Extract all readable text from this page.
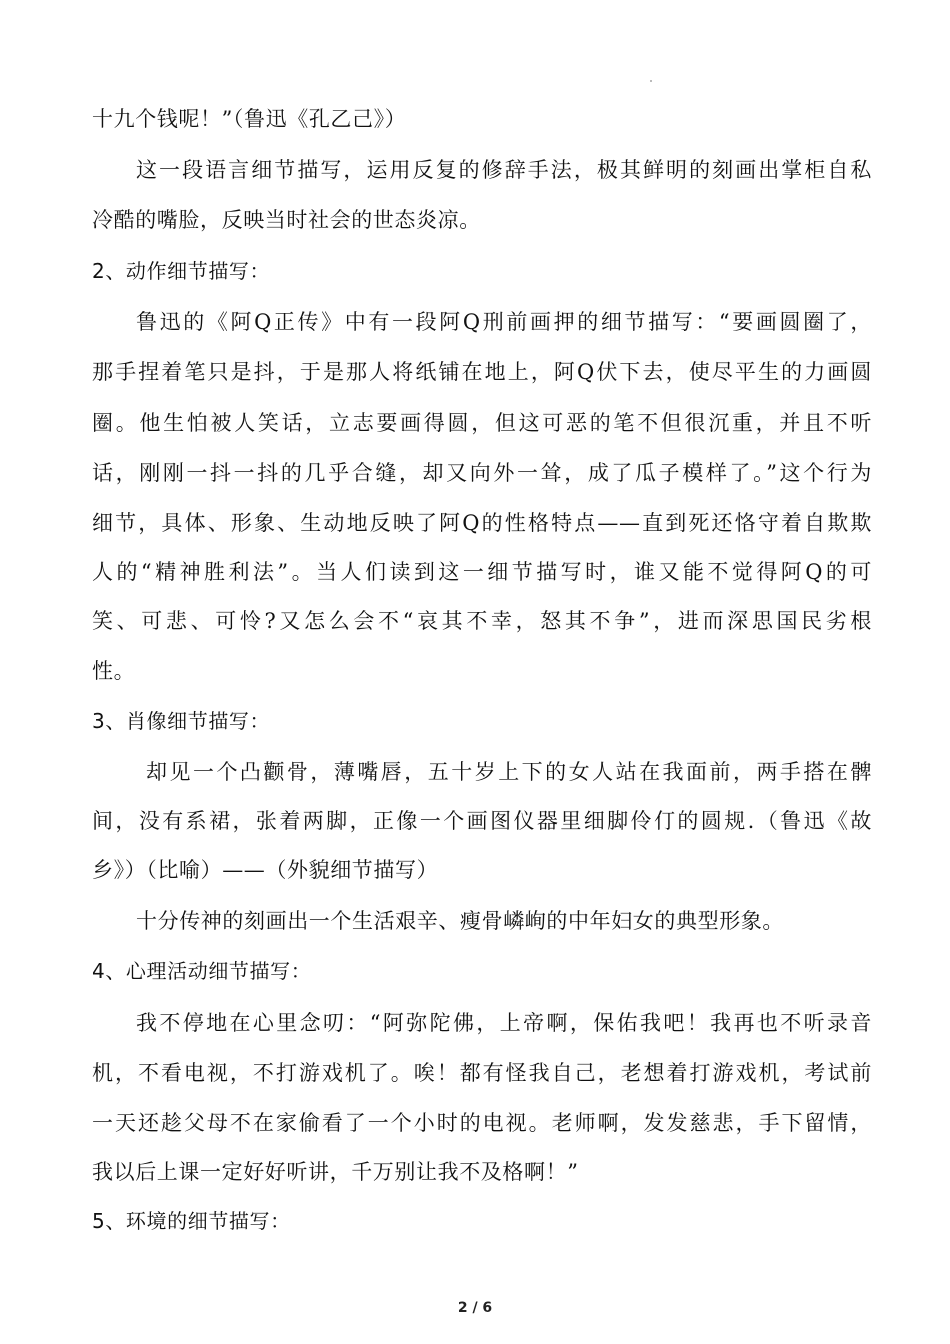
十九个钱呢！”（鲁迅《孔乙己》）
这一段语言细节描写，运用反复的修辞手法，极其鲜明的刻画出掌柜自私
冷酷的嘴脸，反映当时社会的世态炎凉。
2、动作细节描写：
鲁迅的《阿Q正传》中有一段阿Q刑前画押的细节描写：“要画圆圈了，
那手捏着笔只是抖，于是那人将纸铺在地上，阿Q伏下去，使尽平生的力画圆
圈。他生怕被人笑话，立志要画得圆，但这可恶的笔不但很沉重，并且不听
话，刚刚一抖一抖的几乎合缝，却又向外一耸，成了瓜子模样了。”这个行为
细节，具体、形象、生动地反映了阿Q的性格特点——直到死还恪守着自欺欺
人的“精神胜利法”。当人们读到这一细节描写时，谁又能不觉得阿Q的可
笑、可悲、可怜?又怎么会不“哀其不幸，怒其不争”，进而深思国民劣根
性。
3、肖像细节描写：
却见一个凸颧骨，薄嘴唇，五十岁上下的女人站在我面前，两手搭在髀
间，没有系裙，张着两脚，正像一个画图仪器里细脚伶仃的圆规.（鲁迅《故
乡》）（比喻）——（外貌细节描写）
十分传神的刻画出一个生活艰辛、瘦骨嶙峋的中年妇女的典型形象。
4、心理活动细节描写：
我不停地在心里念叨：“阿弥陀佛，上帝啊，保佑我吧！我再也不听录音
机，不看电视，不打游戏机了。唉！都有怪我自己，老想着打游戏机，考试前
一天还趁父母不在家偷看了一个小时的电视。老师啊，发发慈悲，手下留情，
我以后上课一定好好听讲，千万别让我不及格啊！”
5、环境的细节描写：
2 / 6
